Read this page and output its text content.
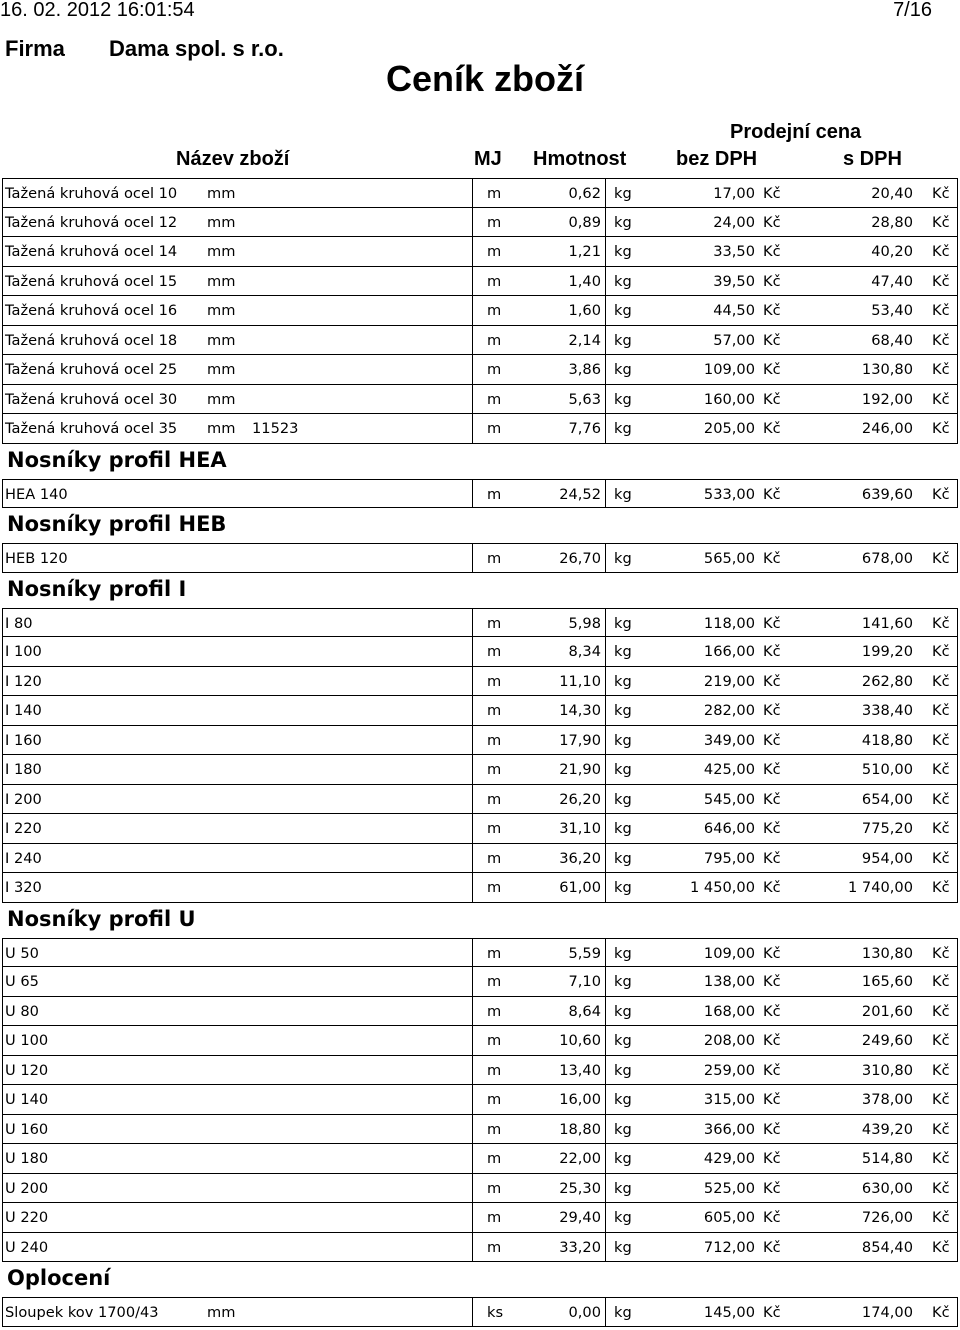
16. 02. 2012 16:01:54	7/16
Firma Dama spol. s r.o.
Ceník zboží
Prodejní cena
Název zboží	MJ Hmotnost bez DPH	s DPH
Tažená kruhová ocel 10 mm	m	0,62 kg	17,00 Kč	20,40 Kč
Tažená kruhová ocel 12 mm	m	0,89 kg	24,00 Kč	28,80 Kč
Tažená kruhová ocel 14 mm	m	1,21 kg	33,50 Kč	40,20 Kč
Tažená kruhová ocel 15 mm	m	1,40 kg	39,50 Kč	47,40 Kč
Tažená kruhová ocel 16 mm	m	1,60 kg	44,50 Kč	53,40 Kč
Tažená kruhová ocel 18 mm	m	2,14 kg	57,00 Kč	68,40 Kč
Tažená kruhová ocel 25 mm	m	3,86 kg	109,00 Kč	130,80 Kč
Tažená kruhová ocel 30 mm	m	5,63 kg	160,00 Kč	192,00 Kč
Tažená kruhová ocel 35 mm 11523	m	7,76 kg	205,00 Kč	246,00 Kč
Nosníky profil HEA
HEA 140	m	24,52 kg	533,00 Kč	639,60 Kč
Nosníky profil HEB
HEB 120	m	26,70 kg	565,00 Kč	678,00 Kč
Nosníky profil I
I 80	m	5,98 kg	118,00 Kč	141,60 Kč
I 100	m	8,34 kg	166,00 Kč	199,20 Kč
I 120	m	11,10 kg	219,00 Kč	262,80 Kč
I 140	m	14,30 kg	282,00 Kč	338,40 Kč
I 160	m	17,90 kg	349,00 Kč	418,80 Kč
I 180	m	21,90 kg	425,00 Kč	510,00 Kč
I 200	m	26,20 kg	545,00 Kč	654,00 Kč
I 220	m	31,10 kg	646,00 Kč	775,20 Kč
I 240	m	36,20 kg	795,00 Kč	954,00 Kč
I 320	m	61,00 kg	1 450,00 Kč	1 740,00 Kč
Nosníky profil U
U 50	m	5,59 kg	109,00 Kč	130,80 Kč
U 65	m	7,10 kg	138,00 Kč	165,60 Kč
U 80	m	8,64 kg	168,00 Kč	201,60 Kč
U 100	m	10,60 kg	208,00 Kč	249,60 Kč
U 120	m	13,40 kg	259,00 Kč	310,80 Kč
U 140	m	16,00 kg	315,00 Kč	378,00 Kč
U 160	m	18,80 kg	366,00 Kč	439,20 Kč
U 180	m	22,00 kg	429,00 Kč	514,80 Kč
U 200	m	25,30 kg	525,00 Kč	630,00 Kč
U 220	m	29,40 kg	605,00 Kč	726,00 Kč
U 240	m	33,20 kg	712,00 Kč	854,40 Kč
Oplocení
Sloupek kov 1700/43	mm	ks	0,00 kg	145,00 Kč	174,00 Kč
